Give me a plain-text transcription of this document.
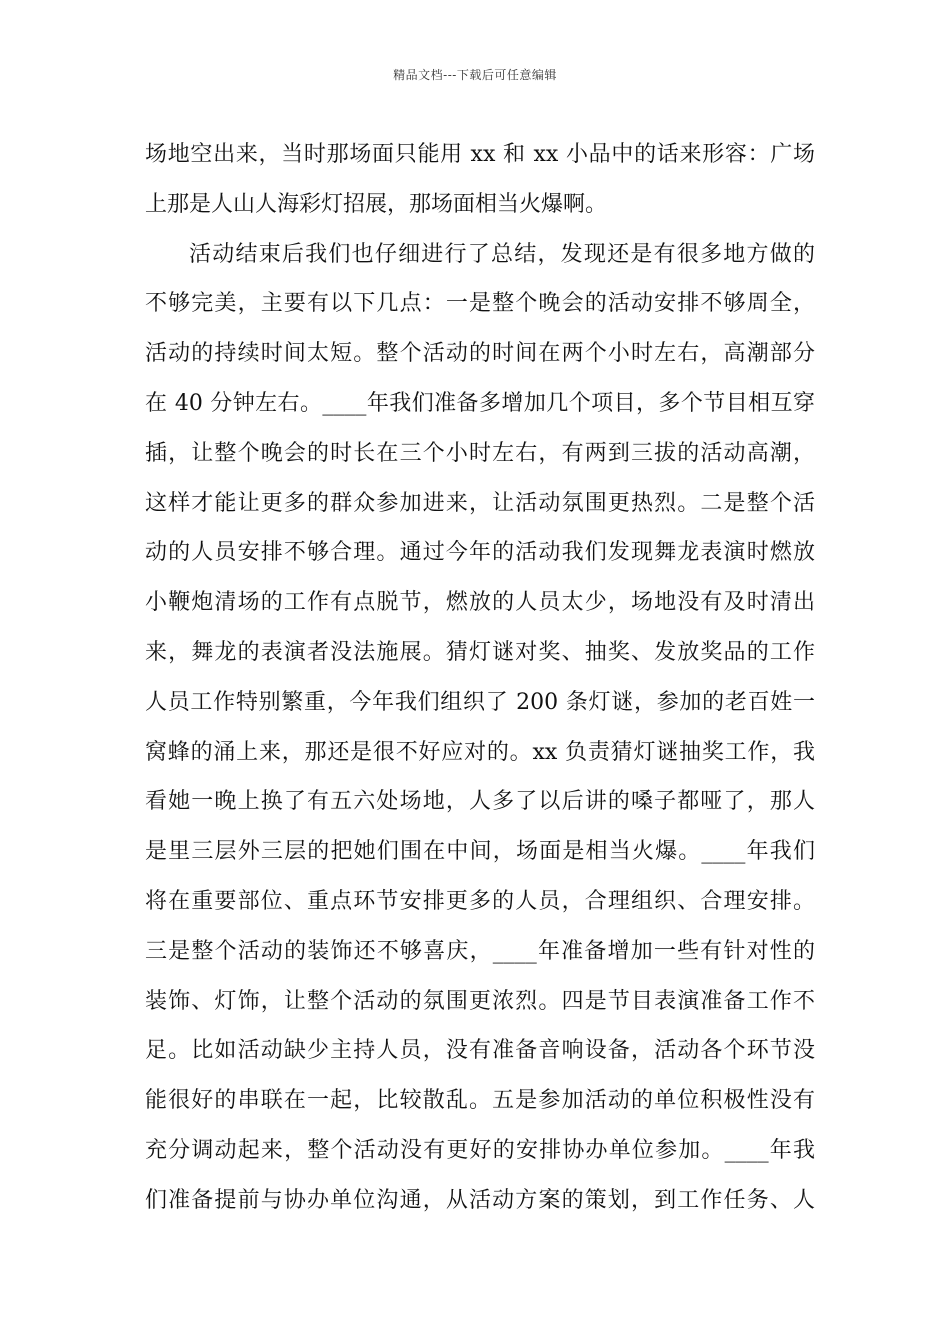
精品文档---下载后可任意编辑
场地空出来，当时那场面只能用 xx 和 xx 小品中的话来形容：广场
上那是人山人海彩灯招展，那场面相当火爆啊。
活动结束后我们也仔细进行了总结，发现还是有很多地方做的
不够完美，主要有以下几点：一是整个晚会的活动安排不够周全，
活动的持续时间太短。整个活动的时间在两个小时左右，高潮部分
在 40 分钟左右。____年我们准备多增加几个项目，多个节目相互穿
插，让整个晚会的时长在三个小时左右，有两到三拔的活动高潮，
这样才能让更多的群众参加进来，让活动氛围更热烈。二是整个活
动的人员安排不够合理。通过今年的活动我们发现舞龙表演时燃放
小鞭炮清场的工作有点脱节，燃放的人员太少，场地没有及时清出
来，舞龙的表演者没法施展。猜灯谜对奖、抽奖、发放奖品的工作
人员工作特别繁重，今年我们组织了 200 条灯谜，参加的老百姓一
窝蜂的涌上来，那还是很不好应对的。xx 负责猜灯谜抽奖工作，我
看她一晚上换了有五六处场地，人多了以后讲的嗓子都哑了，那人
是里三层外三层的把她们围在中间，场面是相当火爆。____年我们
将在重要部位、重点环节安排更多的人员，合理组织、合理安排。
三是整个活动的装饰还不够喜庆，____年准备增加一些有针对性的
装饰、灯饰，让整个活动的氛围更浓烈。四是节目表演准备工作不
足。比如活动缺少主持人员，没有准备音响设备，活动各个环节没
能很好的串联在一起，比较散乱。五是参加活动的单位积极性没有
充分调动起来，整个活动没有更好的安排协办单位参加。____年我
们准备提前与协办单位沟通，从活动方案的策划，到工作任务、人
